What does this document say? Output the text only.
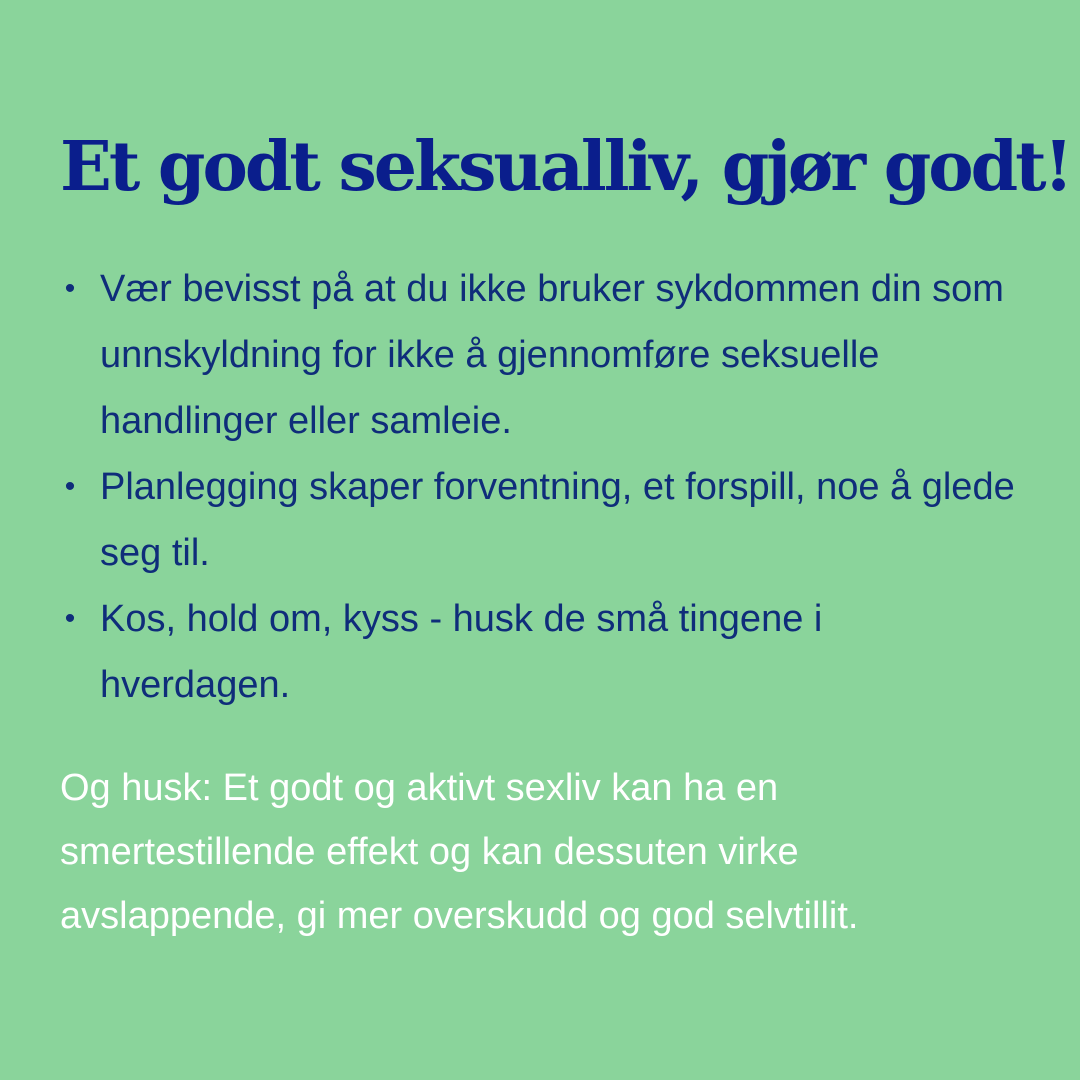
Et godt seksualliv, gjør godt!
• Vær bevisst på at du ikke bruker sykdommen din som unnskyldning for ikke å gjennomføre seksuelle handlinger eller samleie.
• Planlegging skaper forventning, et forspill, noe å glede seg til.
• Kos, hold om, kyss - husk de små tingene i hverdagen.

Og husk: Et godt og aktivt sexliv kan ha en smertestillende effekt og kan dessuten virke avslappende, gi mer overskudd og god selvtillit.
